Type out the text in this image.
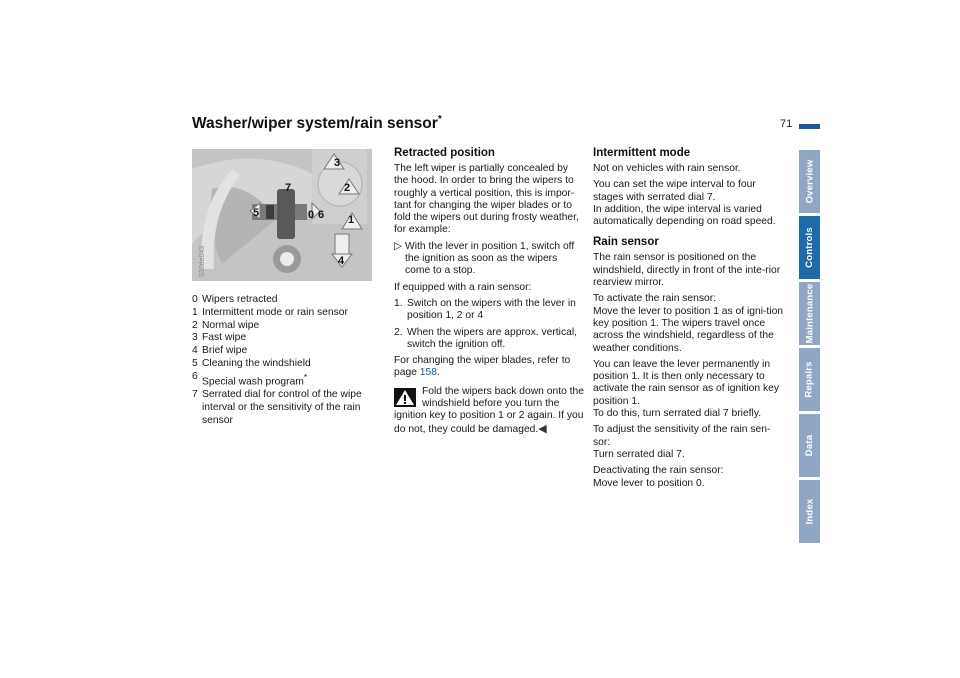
Washer/wiper system/rain sensor*	71
Overview
Controls
Maintenance
Repairs
Data
Index
3
2
7
5	6
0	1
4
530de043
0 Wipers retracted
1 Intermittent mode or rain sensor
2 Normal wipe
3 Fast wipe
4 Brief wipe
5 Cleaning the windshield
6 Special wash program*
7 Serrated dial for control of the wipe interval or the sensitivity of the rain sensor
Retracted position

The left wiper is partially concealed by the hood. In order to bring the wipers to roughly a vertical position, this is impor-tant for changing the wiper blades or to fold the wipers out during frosty weather, for example:

▷ With the lever in position 1, switch off the ignition as soon as the wipers come to a stop.

If equipped with a rain sensor:

1. Switch on the wipers with the lever in position 1, 2 or 4
2. When the wipers are approx. vertical, switch the ignition off.

For changing the wiper blades, refer to page 158.

Fold the wipers back down onto the windshield before you turn the
ignition key to position 1 or 2 again. If you do not, they could be damaged.◀
Intermittent mode

Not on vehicles with rain sensor.

You can set the wipe interval to four stages with serrated dial 7.
In addition, the wipe interval is varied automatically depending on road speed.

Rain sensor

The rain sensor is positioned on the windshield, directly in front of the inte-rior rearview mirror.

To activate the rain sensor:
Move the lever to position 1 as of igni-tion key position 1. The wipers travel once across the windshield, regardless of the weather conditions.

You can leave the lever permanently in position 1. It is then only necessary to activate the rain sensor as of ignition key position 1.
To do this, turn serrated dial 7 briefly.

To adjust the sensitivity of the rain sen-sor:
Turn serrated dial 7.

Deactivating the rain sensor:
Move lever to position 0.
